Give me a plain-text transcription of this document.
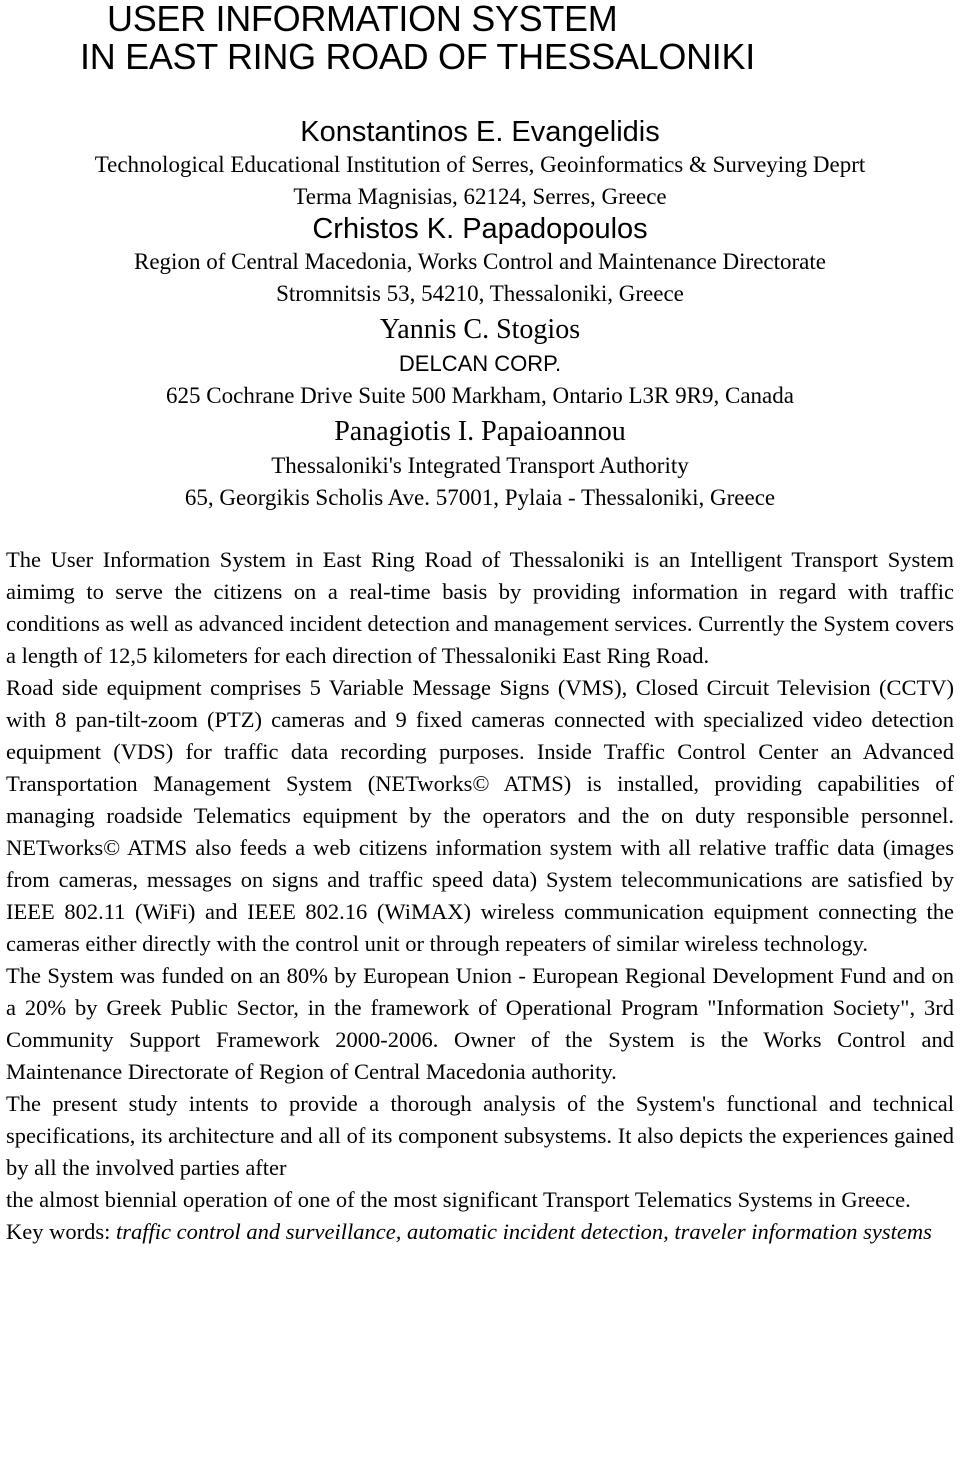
USER INFORMATION SYSTEM
IN EAST RING ROAD OF THESSALONIKI
Konstantinos E. Evangelidis
Technological Educational Institution of Serres, Geoinformatics & Surveying Deprt
Terma Magnisias, 62124, Serres, Greece
Crhistos K. Papadopoulos
Region of Central Macedonia, Works Control and Maintenance Directorate
Stromnitsis 53, 54210, Thessaloniki, Greece
Yannis C. Stogios
DELCAN CORP.
625 Cochrane Drive Suite 500 Markham, Ontario L3R 9R9, Canada
Panagiotis I. Papaioannou
Thessaloniki's Integrated Transport Authority
65, Georgikis Scholis Ave. 57001, Pylaia - Thessaloniki, Greece

The User Information System in East Ring Road of Thessaloniki is an Intelligent Transport System aimimg to serve the citizens on a real-time basis by providing information in regard with traffic conditions as well as advanced incident detection and management services. Currently the System covers a length of 12,5 kilometers for each direction of Thessaloniki East Ring Road.

Road side equipment comprises 5 Variable Message Signs (VMS), Closed Circuit Television (CCTV) with 8 pan-tilt-zoom (PTZ) cameras and 9 fixed cameras connected with specialized video detection equipment (VDS) for traffic data recording purposes. Inside Traffic Control Center an Advanced Transportation Management System (NETworks© ATMS) is installed, providing capabilities of managing roadside Telematics equipment by the operators and the on duty responsible personnel. NETworks© ATMS also feeds a web citizens information system with all relative traffic data (images from cameras, messages on signs and traffic speed data) System telecommunications are satisfied by IEEE 802.11 (WiFi) and IEEE 802.16 (WiMAX) wireless communication equipment connecting the cameras either directly with the control unit or through repeaters of similar wireless technology.

The System was funded on an 80% by European Union - European Regional Development Fund and on a 20% by Greek Public Sector, in the framework of Operational Program "Information Society", 3rd Community Support Framework 2000-2006. Owner of the System is the Works Control and Maintenance Directorate of Region of Central Macedonia authority.

The present study intents to provide a thorough analysis of the System's functional and technical specifications, its architecture and all of its component subsystems. It also depicts the experiences gained by all the involved parties after

the almost biennial operation of one of the most significant Transport Telematics Systems in Greece.

Key words: traffic control and surveillance, automatic incident detection, traveler information systems
